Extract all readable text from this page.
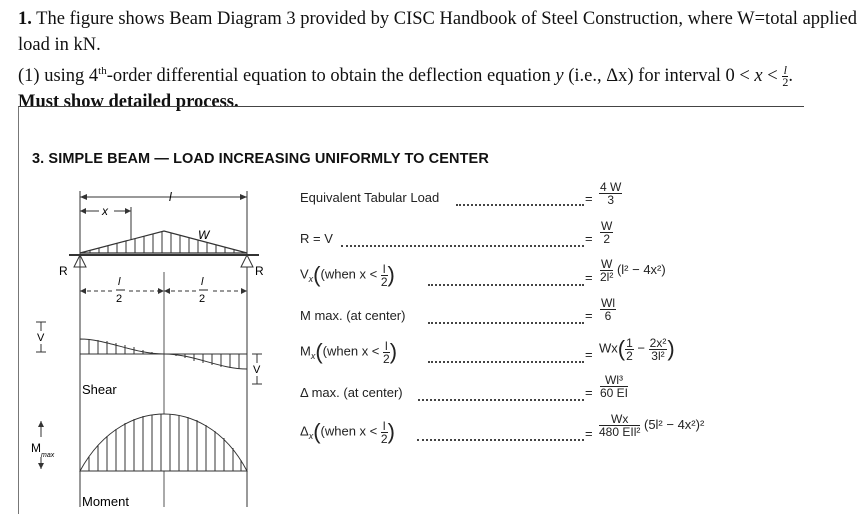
1. The figure shows Beam Diagram 3 provided by CISC Handbook of Steel Construction, where W=total applied load in kN.
(1) using 4th-order differential equation to obtain the deflection equation y (i.e., Δx) for interval $0 < x < \frac{l}{2}$ .
Must show detailed process.
3. SIMPLE BEAM — LOAD INCREASING UNIFORMLY TO CENTER
l
x
W
R	R
l
2
l
2
V
V
Shear
M
max
Moment
Equivalent Tabular Load	= $\frac{4 W}{3}$
R = V	= $\frac{W}{2}$
$V_x((when$ $x < \frac{l}{2}$ )	= $\frac{W}{\text{2l²}} (l^2 - 4x^2)$
M max. (at center)	= $\frac{Wl}{6}$
$M_x((when$ $x < \frac{l}{2}$ )	= $Wx( \frac{1}{2} - \frac{\text{2x²}}{\text{3l²}}$ )
Δ max. (at center)	= $\frac{\text{Wl³}}{60 EI}$
$\Delta_x((when$ $x < \frac{l}{2}$ )	= $\frac{Wx}{\text{480 EIl²}} (5l^2 - 4x^2)^2$
